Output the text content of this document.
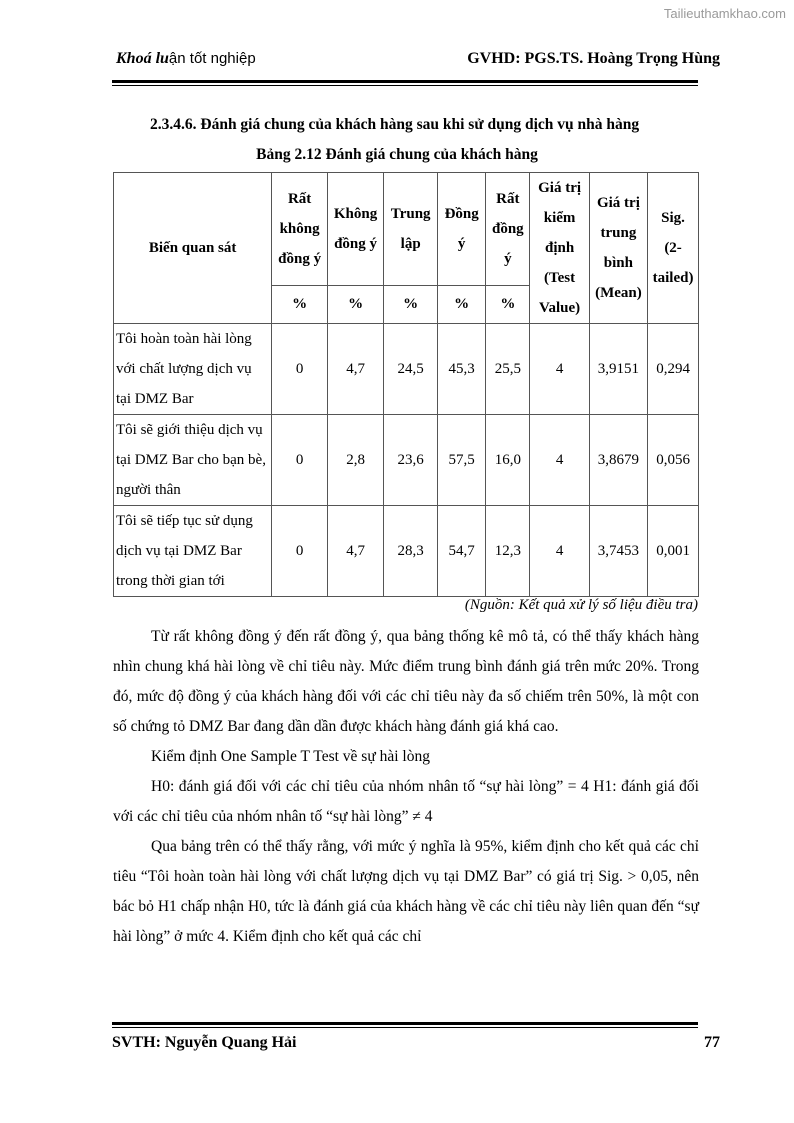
Tailieuthamkhao.com
Khoá luận tốt nghiệp	GVHD: PGS.TS. Hoàng Trọng Hùng
2.3.4.6. Đánh giá chung của khách hàng sau khi sử dụng dịch vụ nhà hàng
Bảng 2.12 Đánh giá chung của khách hàng
Biến quan sát	Rất không đồng ý	Không đồng ý	Trung lập	Đồng ý	Rất đồng ý	Giá trị kiểm định (Test Value)	Giá trị trung bình (Mean)	Sig. (2-tailed)
	%	%	%	%	%			
Tôi hoàn toàn hài lòng với chất lượng dịch vụ tại DMZ Bar	0	4,7	24,5	45,3	25,5	4	3,9151	0,294
Tôi sẽ giới thiệu dịch vụ tại DMZ Bar cho bạn bè, người thân	0	2,8	23,6	57,5	16,0	4	3,8679	0,056
Tôi sẽ tiếp tục sử dụng dịch vụ tại DMZ Bar trong thời gian tới	0	4,7	28,3	54,7	12,3	4	3,7453	0,001
(Nguồn: Kết quả xử lý số liệu điều tra)

Từ rất không đồng ý đến rất đồng ý, qua bảng thống kê mô tả, có thể thấy khách hàng nhìn chung khá hài lòng về chỉ tiêu này. Mức điểm trung bình đánh giá trên mức 20%. Trong đó, mức độ đồng ý của khách hàng đối với các chỉ tiêu này đa số chiếm trên 50%, là một con số chứng tỏ DMZ Bar đang dần dần được khách hàng đánh giá khá cao.

Kiểm định One Sample T Test về sự hài lòng

H0: đánh giá đối với các chỉ tiêu của nhóm nhân tố “sự hài lòng” = 4 H1: đánh giá đối với các chỉ tiêu của nhóm nhân tố “sự hài lòng” ≠ 4

Qua bảng trên có thể thấy rằng, với mức ý nghĩa là 95%, kiểm định cho kết quả các chỉ tiêu “Tôi hoàn toàn hài lòng với chất lượng dịch vụ tại DMZ Bar” có giá trị Sig. > 0,05, nên bác bỏ H1 chấp nhận H0, tức là đánh giá của khách hàng về các chỉ tiêu này liên quan đến “sự hài lòng” ở mức 4. Kiểm định cho kết quả các chỉ

SVTH: Nguyễn Quang Hải	77
